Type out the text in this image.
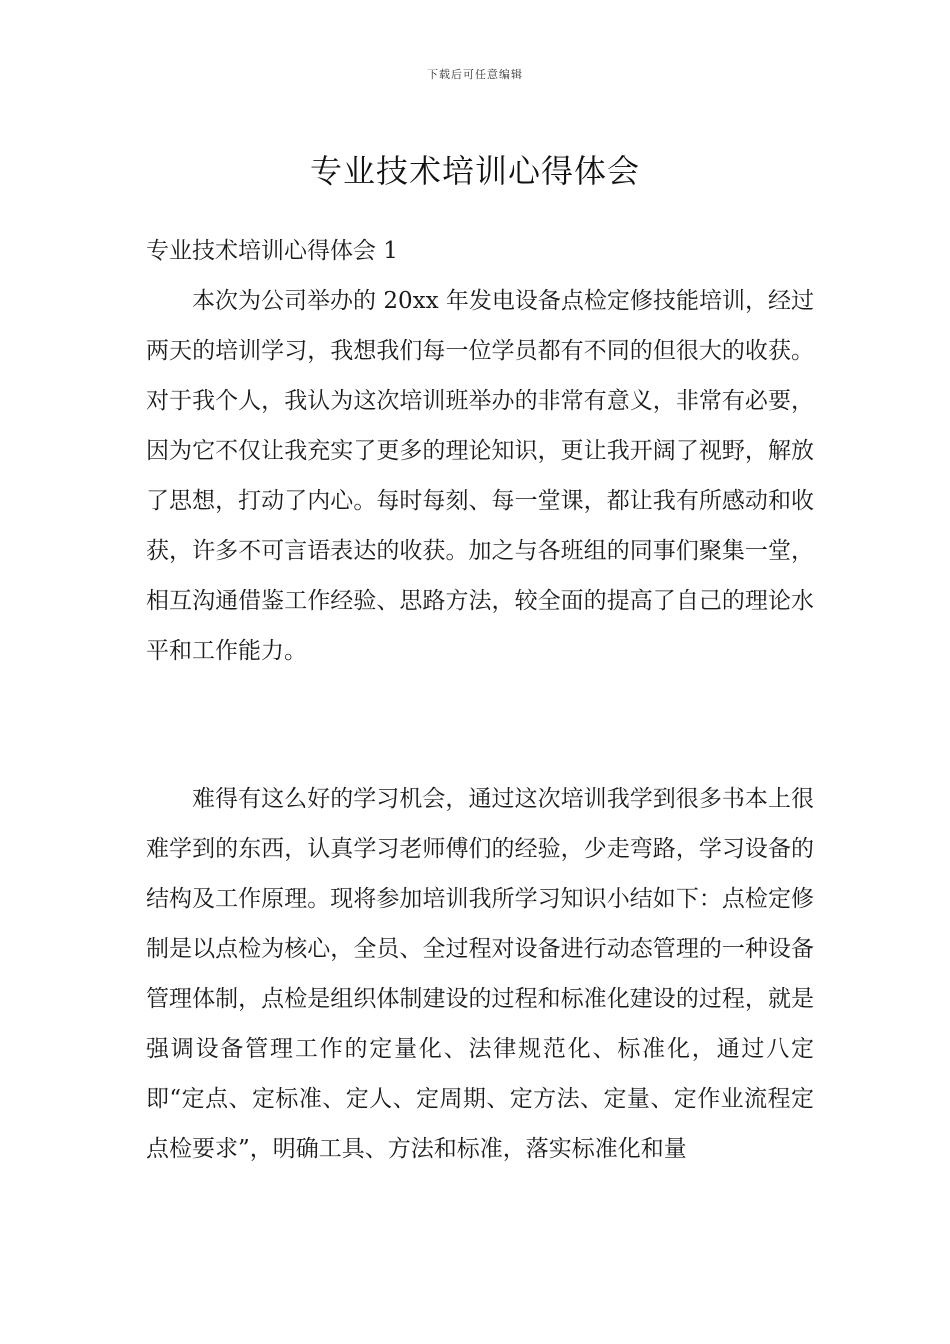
下载后可任意编辑
专业技术培训心得体会
专业技术培训心得体会 1

本次为公司举办的 20xx 年发电设备点检定修技能培训，经过两天的培训学习，我想我们每一位学员都有不同的但很大的收获。对于我个人，我认为这次培训班举办的非常有意义，非常有必要，因为它不仅让我充实了更多的理论知识，更让我开阔了视野，解放了思想，打动了内心。每时每刻、每一堂课，都让我有所感动和收获，许多不可言语表达的收获。加之与各班组的同事们聚集一堂，相互沟通借鉴工作经验、思路方法，较全面的提高了自己的理论水平和工作能力。

难得有这么好的学习机会，通过这次培训我学到很多书本上很难学到的东西，认真学习老师傅们的经验，少走弯路，学习设备的结构及工作原理。现将参加培训我所学习知识小结如下：点检定修制是以点检为核心，全员、全过程对设备进行动态管理的一种设备管理体制，点检是组织体制建设的过程和标准化建设的过程，就是强调设备管理工作的定量化、法律规范化、标准化，通过八定即“定点、定标准、定人、定周期、定方法、定量、定作业流程定点检要求”，明确工具、方法和标准，落实标准化和量
